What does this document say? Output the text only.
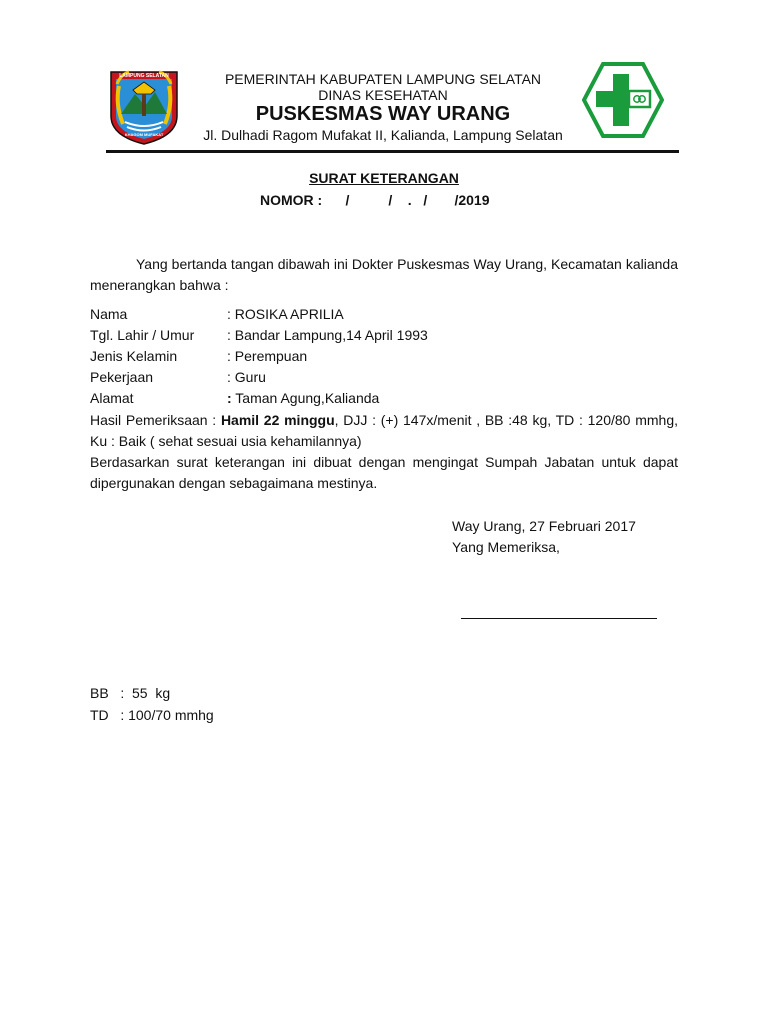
LAMPUNG SELATAN
KHAGOM MUFAKAT
PEMERINTAH KABUPATEN LAMPUNG SELATAN
DINAS KESEHATAN
PUSKESMAS WAY URANG
Jl. Dulhadi Ragom Mufakat II, Kalianda, Lampung Selatan
SURAT KETERANGAN
NOMOR :      /          /    .   /       /2019
Yang bertanda tangan dibawah ini Dokter Puskesmas Way Urang, Kecamatan kalianda menerangkan bahwa :
Nama	: ROSIKA APRILIA
Tgl. Lahir / Umur : Bandar Lampung,14 April 1993
Jenis Kelamin	: Perempuan
Pekerjaan	: Guru
Alamat	: Taman Agung,Kalianda
Hasil Pemeriksaan : Hamil 22 minggu, DJJ : (+) 147x/menit , BB :48 kg, TD : 120/80 mmhg, Ku : Baik ( sehat sesuai usia kehamilannya)
Berdasarkan surat keterangan ini dibuat dengan mengingat Sumpah Jabatan untuk dapat dipergunakan dengan sebagaimana mestinya.
Way Urang, 27 Februari 2017
Yang Memeriksa,
BB   :  55  kg
TD   : 100/70 mmhg
